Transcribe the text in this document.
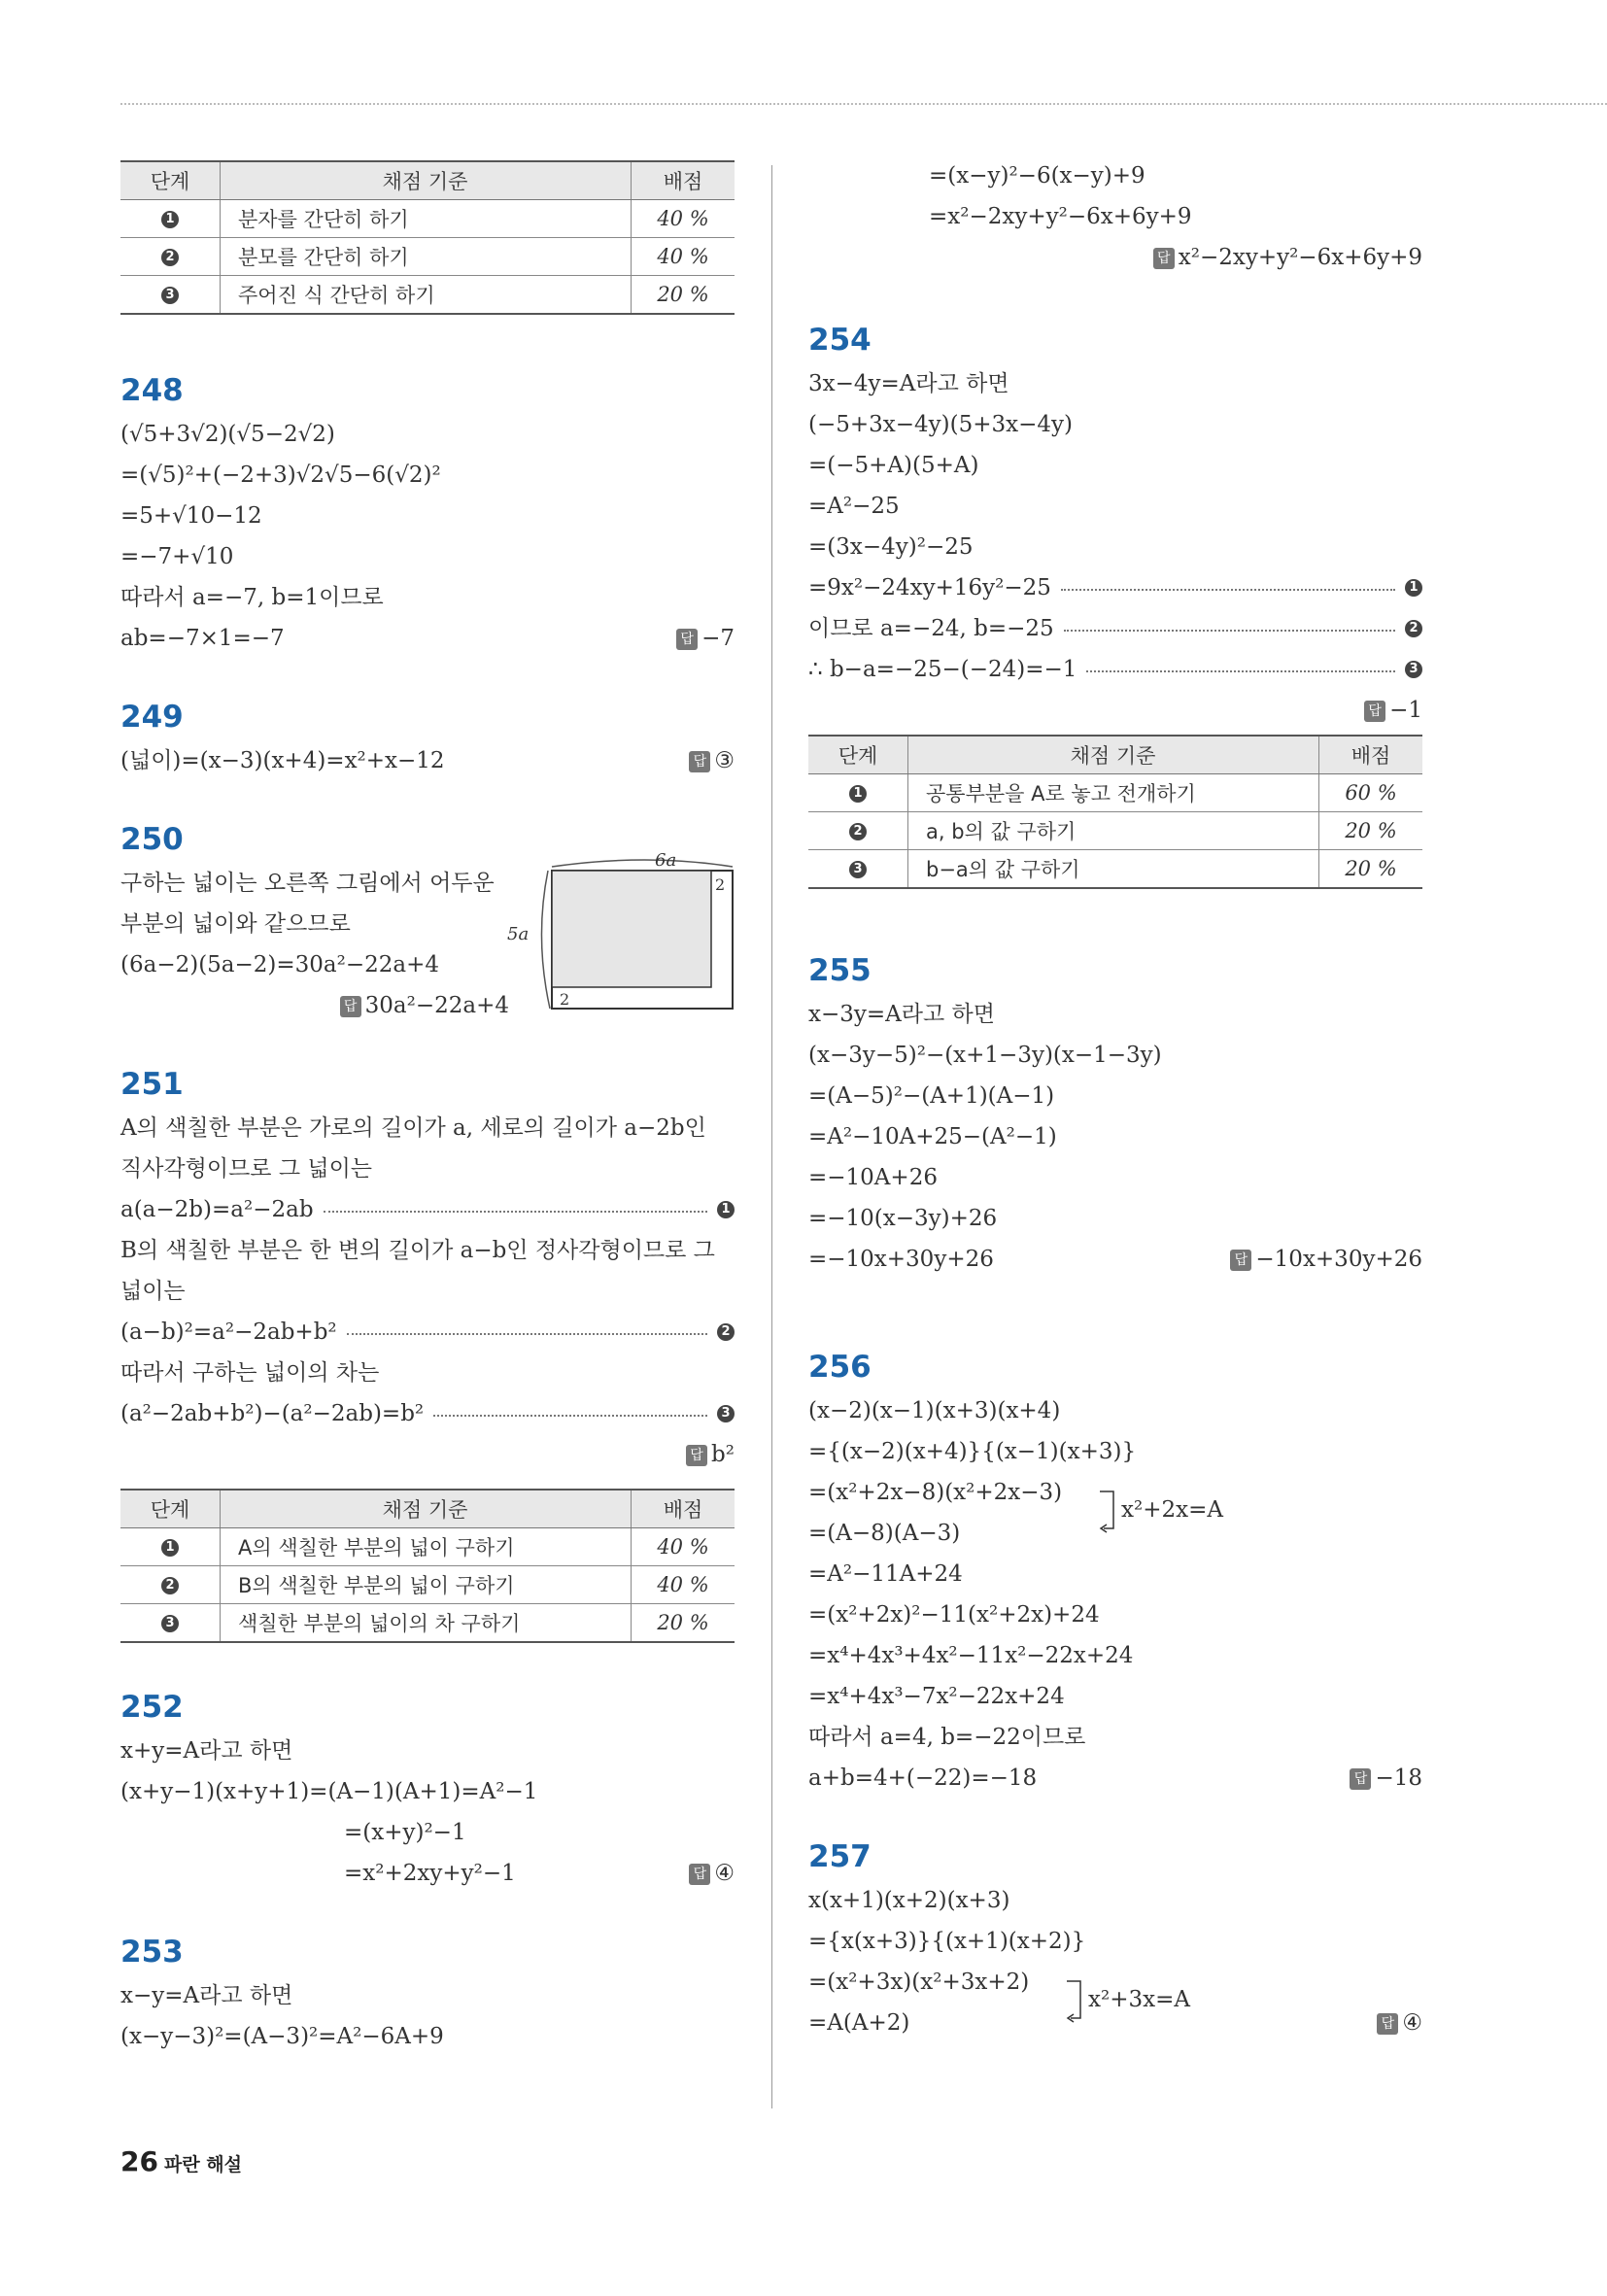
단계	채점 기준	배점
1	분자를 간단히 하기	40 %
2	분모를 간단히 하기	40 %
3	주어진 식 간단히 하기	20 %
248
(√5+3√2)(√5−2√2)
=(√5)²+(−2+3)√2√5−6(√2)²
=5+√10−12
=−7+√10
따라서 a=−7, b=1이므로
ab=−7×1=−7	답 −7
249
(넓이)=(x−3)(x+4)=x²+x−12	답 ③
250
구하는 넓이는 오른쪽 그림에서 어두운
부분의 넓이와 같으므로
(6a−2)(5a−2)=30a²−22a+4
답 30a²−22a+4
6a
5a
2
2
251
A의 색칠한 부분은 가로의 길이가 a, 세로의 길이가 a−2b인
직사각형이므로 그 넓이는
a(a−2b)=a²−2ab	1
B의 색칠한 부분은 한 변의 길이가 a−b인 정사각형이므로 그
넓이는
(a−b)²=a²−2ab+b²	2
따라서 구하는 넓이의 차는
(a²−2ab+b²)−(a²−2ab)=b²	3
답 b²
단계	채점 기준	배점
1	A의 색칠한 부분의 넓이 구하기	40 %
2	B의 색칠한 부분의 넓이 구하기	40 %
3	색칠한 부분의 넓이의 차 구하기	20 %
252
x+y=A라고 하면
(x+y−1)(x+y+1)=(A−1)(A+1)=A²−1
=(x+y)²−1
=x²+2xy+y²−1	답 ④
253
x−y=A라고 하면
(x−y−3)²=(A−3)²=A²−6A+9
=(x−y)²−6(x−y)+9
=x²−2xy+y²−6x+6y+9
답 x²−2xy+y²−6x+6y+9
254
3x−4y=A라고 하면
(−5+3x−4y)(5+3x−4y)
=(−5+A)(5+A)
=A²−25
=(3x−4y)²−25
=9x²−24xy+16y²−25	1
이므로 a=−24, b=−25	2
∴ b−a=−25−(−24)=−1	3
답 −1
단계	채점 기준	배점
1	공통부분을 A로 놓고 전개하기	60 %
2	a, b의 값 구하기	20 %
3	b−a의 값 구하기	20 %
255
x−3y=A라고 하면
(x−3y−5)²−(x+1−3y)(x−1−3y)
=(A−5)²−(A+1)(A−1)
=A²−10A+25−(A²−1)
=−10A+26
=−10(x−3y)+26
=−10x+30y+26	답 −10x+30y+26
256
(x−2)(x−1)(x+3)(x+4)
={(x−2)(x+4)}{(x−1)(x+3)}
=(x²+2x−8)(x²+2x−3)
x²+2x=A
=(A−8)(A−3)
=A²−11A+24
=(x²+2x)²−11(x²+2x)+24
=x⁴+4x³+4x²−11x²−22x+24
=x⁴+4x³−7x²−22x+24
따라서 a=4, b=−22이므로
a+b=4+(−22)=−18	답 −18
257
x(x+1)(x+2)(x+3)
={x(x+3)}{(x+1)(x+2)}
=(x²+3x)(x²+3x+2)
x²+3x=A
=A(A+2)	답 ④
26 파란 해설
